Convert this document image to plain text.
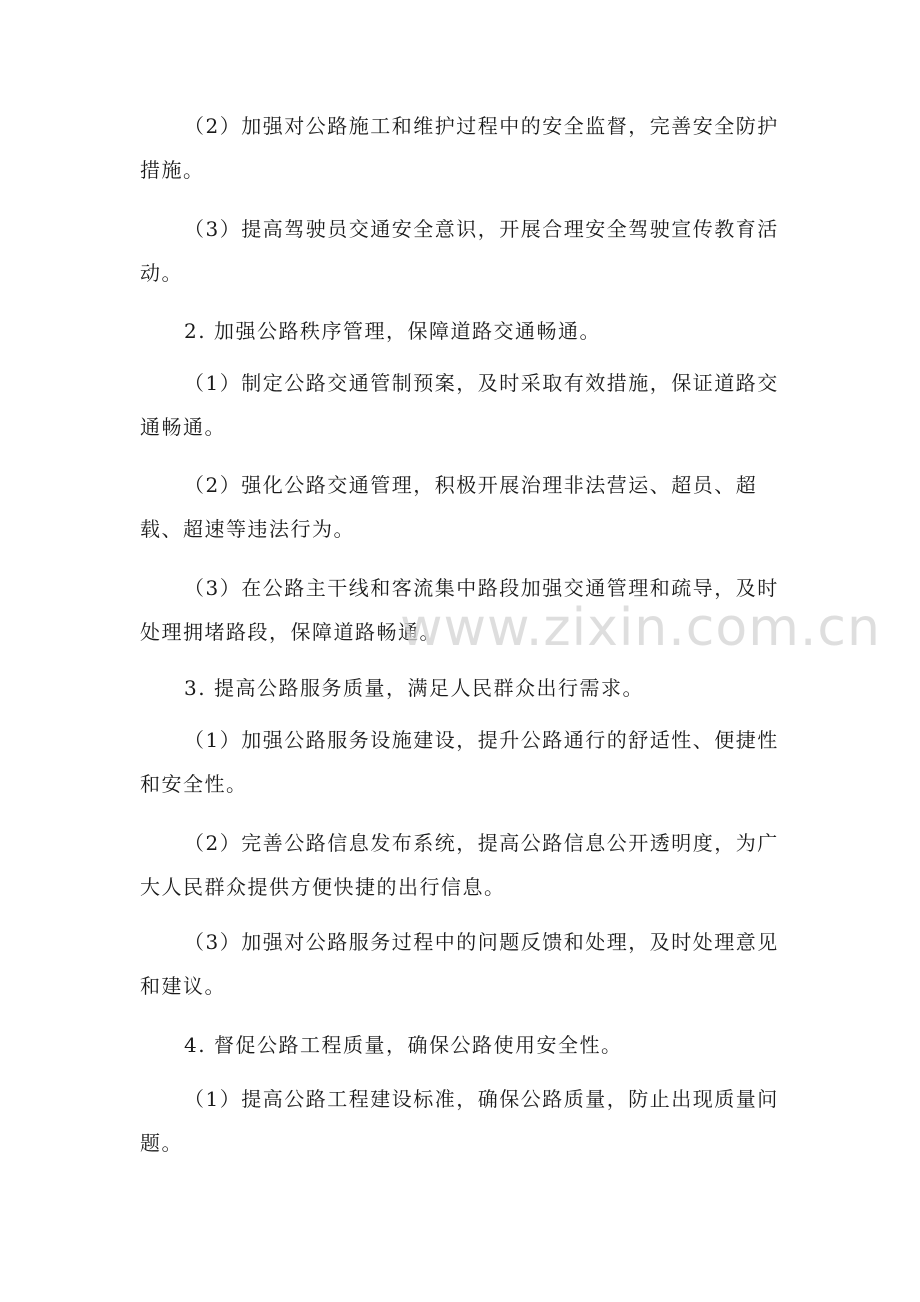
（2）加强对公路施工和维护过程中的安全监督，完善安全防护措施。

（3）提高驾驶员交通安全意识，开展合理安全驾驶宣传教育活动。

2. 加强公路秩序管理，保障道路交通畅通。

（1）制定公路交通管制预案，及时采取有效措施，保证道路交通畅通。

（2）强化公路交通管理，积极开展治理非法营运、超员、超载、超速等违法行为。

（3）在公路主干线和客流集中路段加强交通管理和疏导，及时处理拥堵路段，保障道路畅通。

3. 提高公路服务质量，满足人民群众出行需求。

（1）加强公路服务设施建设，提升公路通行的舒适性、便捷性和安全性。

（2）完善公路信息发布系统，提高公路信息公开透明度，为广大人民群众提供方便快捷的出行信息。

（3）加强对公路服务过程中的问题反馈和处理，及时处理意见和建议。

4. 督促公路工程质量，确保公路使用安全性。

（1）提高公路工程建设标准，确保公路质量，防止出现质量问题。

www.zixin.com.cn
